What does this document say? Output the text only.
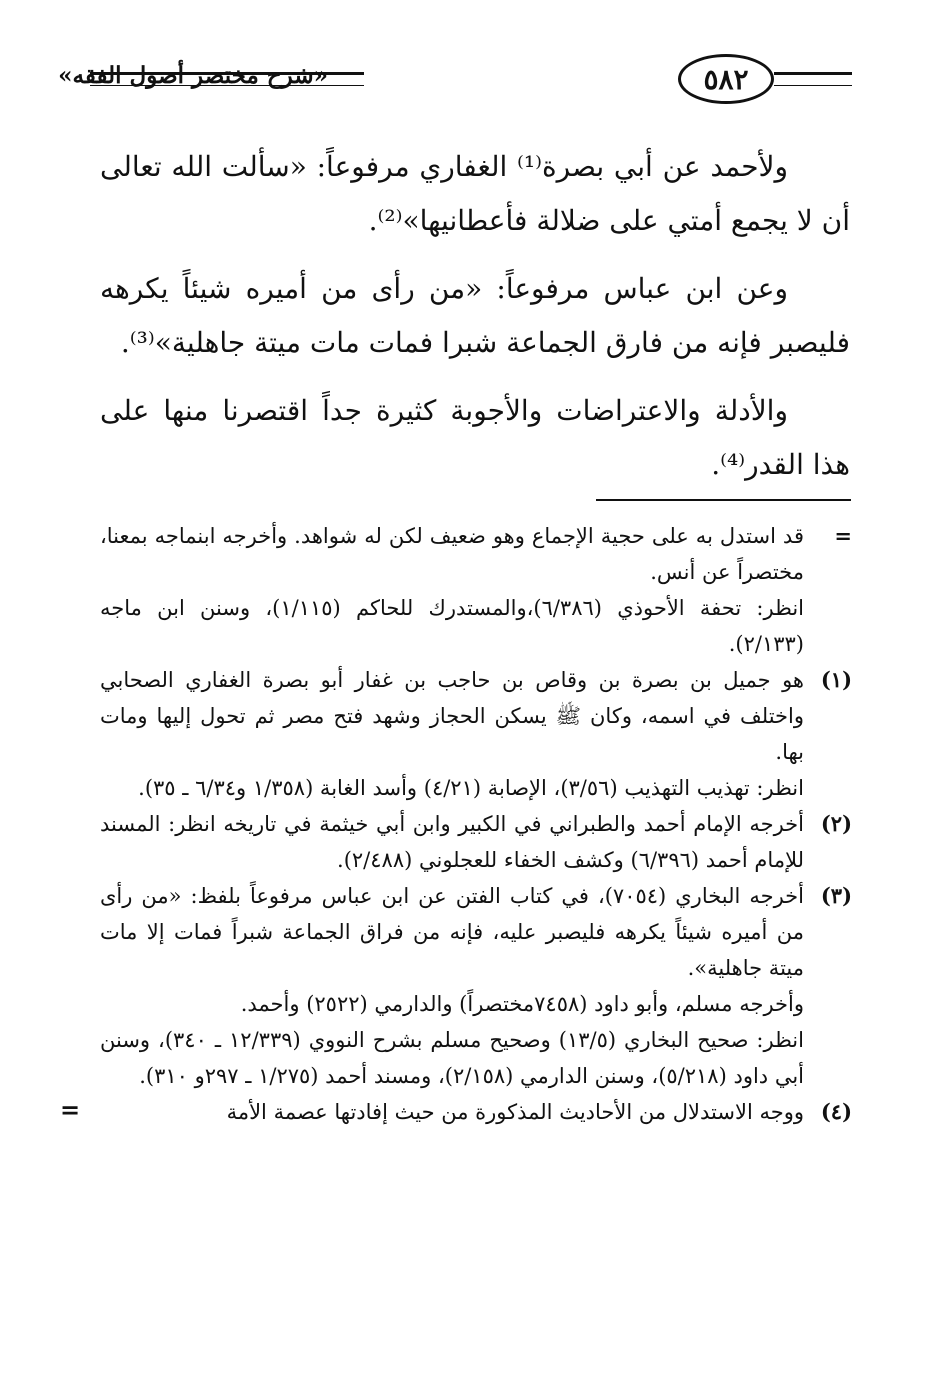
٥٨٢
«شرح مختصر أصول الفقه»

ولأحمد عن أبي بصرة⁽¹⁾ الغفاري مرفوعاً: «سألت الله تعالى أن لا يجمع أمتي على ضلالة فأعطانيها»⁽²⁾.

وعن ابن عباس مرفوعاً: «من رأى من أميره شيئاً يكرهه فليصبر فإنه من فارق الجماعة شبرا فمات مات ميتة جاهلية»⁽³⁾.

والأدلة والاعتراضات والأجوبة كثيرة جداً اقتصرنا منها على هذا القدر⁽⁴⁾.

=
قد استدل به على حجية الإجماع وهو ضعيف لكن له شواهد. وأخرجه ابنماجه بمعنا، مختصراً عن أنس.
انظر: تحفة الأحوذي (٦/٣٨٦)،والمستدرك للحاكم (١/١١٥)، وسنن ابن ماجه (٢/١٣٣).
(١)
هو جميل بن بصرة بن وقاص بن حاجب بن غفار أبو بصرة الغفاري الصحابي واختلف في اسمه، وكان ﷺ يسكن الحجاز وشهد فتح مصر ثم تحول إليها ومات بها.
انظر: تهذيب التهذيب (٣/٥٦)، الإصابة (٤/٢١) وأسد الغابة (١/٣٥٨ و٦/٣٤ ـ ٣٥).
(٢)
أخرجه الإمام أحمد والطبراني في الكبير وابن أبي خيثمة في تاريخه انظر: المسند للإمام أحمد (٦/٣٩٦) وكشف الخفاء للعجلوني (٢/٤٨٨).
(٣)
أخرجه البخاري (٧٠٥٤)، في كتاب الفتن عن ابن عباس مرفوعاً بلفظ: «من رأى من أميره شيئاً يكرهه فليصبر عليه، فإنه من فراق الجماعة شبراً فمات إلا مات ميتة جاهلية».
وأخرجه مسلم، وأبو داود (٧٤٥٨مختصراً) والدارمي (٢٥٢٢) وأحمد.
انظر: صحيح البخاري (١٣/٥) وصحيح مسلم بشرح النووي (١٢/٣٣٩ ـ ٣٤٠)، وسنن أبي داود (٥/٢١٨)، وسنن الدارمي (٢/١٥٨)، ومسند أحمد (١/٢٧٥ ـ ٢٩٧و ٣١٠).
(٤)
ووجه الاستدلال من الأحاديث المذكورة من حيث إفادتها عصمة الأمة
=
